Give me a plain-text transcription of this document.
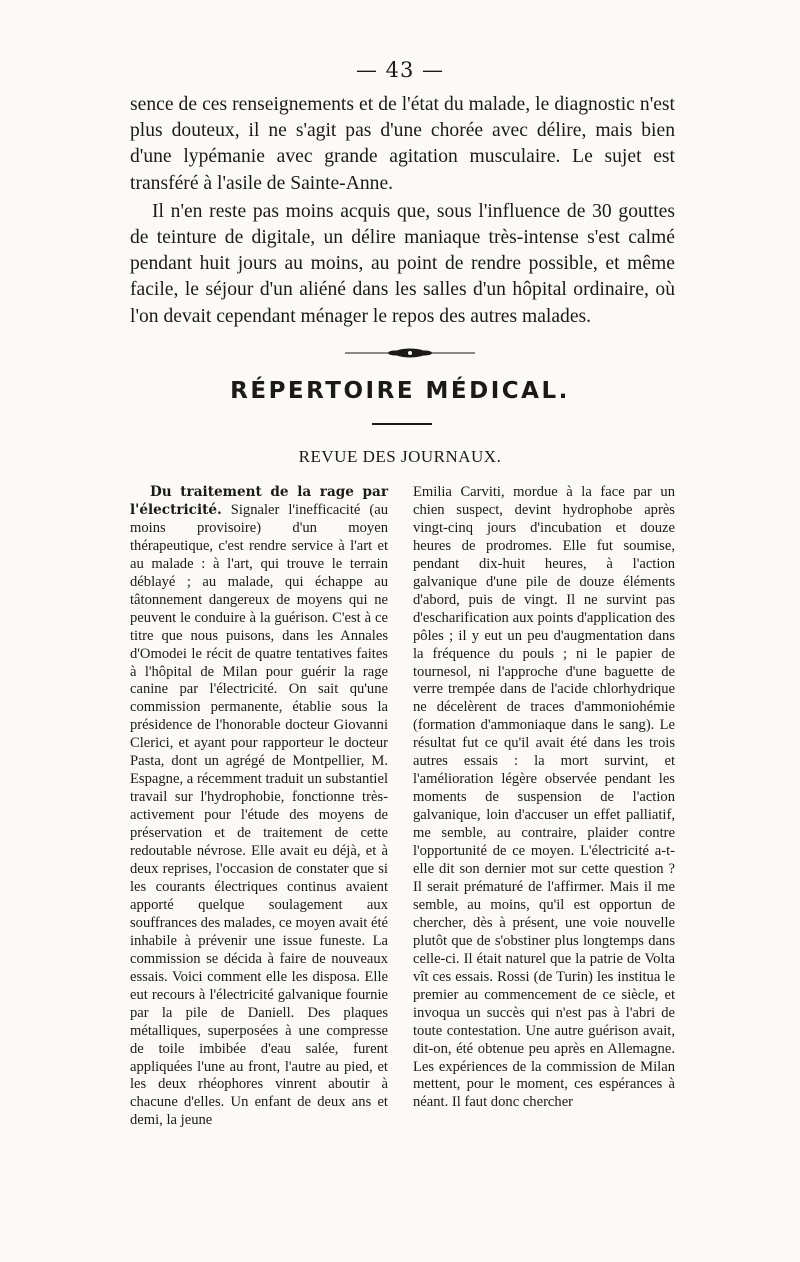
— 43 —

sence de ces renseignements et de l'état du malade, le diagnostic n'est plus douteux, il ne s'agit pas d'une chorée avec délire, mais bien d'une lypémanie avec grande agitation musculaire. Le sujet est transféré à l'asile de Sainte-Anne.

Il n'en reste pas moins acquis que, sous l'influence de 30 gouttes de teinture de digitale, un délire maniaque très-intense s'est calmé pendant huit jours au moins, au point de rendre possible, et même facile, le séjour d'un aliéné dans les salles d'un hôpital ordinaire, où l'on devait cependant ménager le repos des autres malades.

RÉPERTOIRE MÉDICAL.
REVUE DES JOURNAUX.

Du traitement de la rage par l'électricité. Signaler l'inefficacité (au moins provisoire) d'un moyen thérapeutique, c'est rendre service à l'art et au malade : à l'art, qui trouve le terrain déblayé ; au malade, qui échappe au tâtonnement dangereux de moyens qui ne peuvent le conduire à la guérison. C'est à ce titre que nous puisons, dans les Annales d'Omodei le récit de quatre tentatives faites à l'hôpital de Milan pour guérir la rage canine par l'électricité. On sait qu'une commission permanente, établie sous la présidence de l'honorable docteur Giovanni Clerici, et ayant pour rapporteur le docteur Pasta, dont un agrégé de Montpellier, M. Espagne, a récemment traduit un substantiel travail sur l'hydrophobie, fonctionne très-activement pour l'étude des moyens de préservation et de traitement de cette redoutable névrose. Elle avait eu déjà, et à deux reprises, l'occasion de constater que si les courants électriques continus avaient apporté quelque soulagement aux souffrances des malades, ce moyen avait été inhabile à prévenir une issue funeste. La commission se décida à faire de nouveaux essais. Voici comment elle les disposa. Elle eut recours à l'électricité galvanique fournie par la pile de Daniell. Des plaques métalliques, superposées à une compresse de toile imbibée d'eau salée, furent appliquées l'une au front, l'autre au pied, et les deux rhéophores vinrent aboutir à chacune d'elles. Un enfant de deux ans et demi, la jeune

Emilia Carviti, mordue à la face par un chien suspect, devint hydrophobe après vingt-cinq jours d'incubation et douze heures de prodromes. Elle fut soumise, pendant dix-huit heures, à l'action galvanique d'une pile de douze éléments d'abord, puis de vingt. Il ne survint pas d'escharification aux points d'application des pôles ; il y eut un peu d'augmentation dans la fréquence du pouls ; ni le papier de tournesol, ni l'approche d'une baguette de verre trempée dans de l'acide chlorhydrique ne décelèrent de traces d'ammoniohémie (formation d'ammoniaque dans le sang). Le résultat fut ce qu'il avait été dans les trois autres essais : la mort survint, et l'amélioration légère observée pendant les moments de suspension de l'action galvanique, loin d'accuser un effet palliatif, me semble, au contraire, plaider contre l'opportunité de ce moyen. L'électricité a-t-elle dit son dernier mot sur cette question ? Il serait prématuré de l'affirmer. Mais il me semble, au moins, qu'il est opportun de chercher, dès à présent, une voie nouvelle plutôt que de s'obstiner plus longtemps dans celle-ci. Il était naturel que la patrie de Volta vît ces essais. Rossi (de Turin) les institua le premier au commencement de ce siècle, et invoqua un succès qui n'est pas à l'abri de toute contestation. Une autre guérison avait, dit-on, été obtenue peu après en Allemagne. Les expériences de la commission de Milan mettent, pour le moment, ces espérances à néant. Il faut donc chercher
